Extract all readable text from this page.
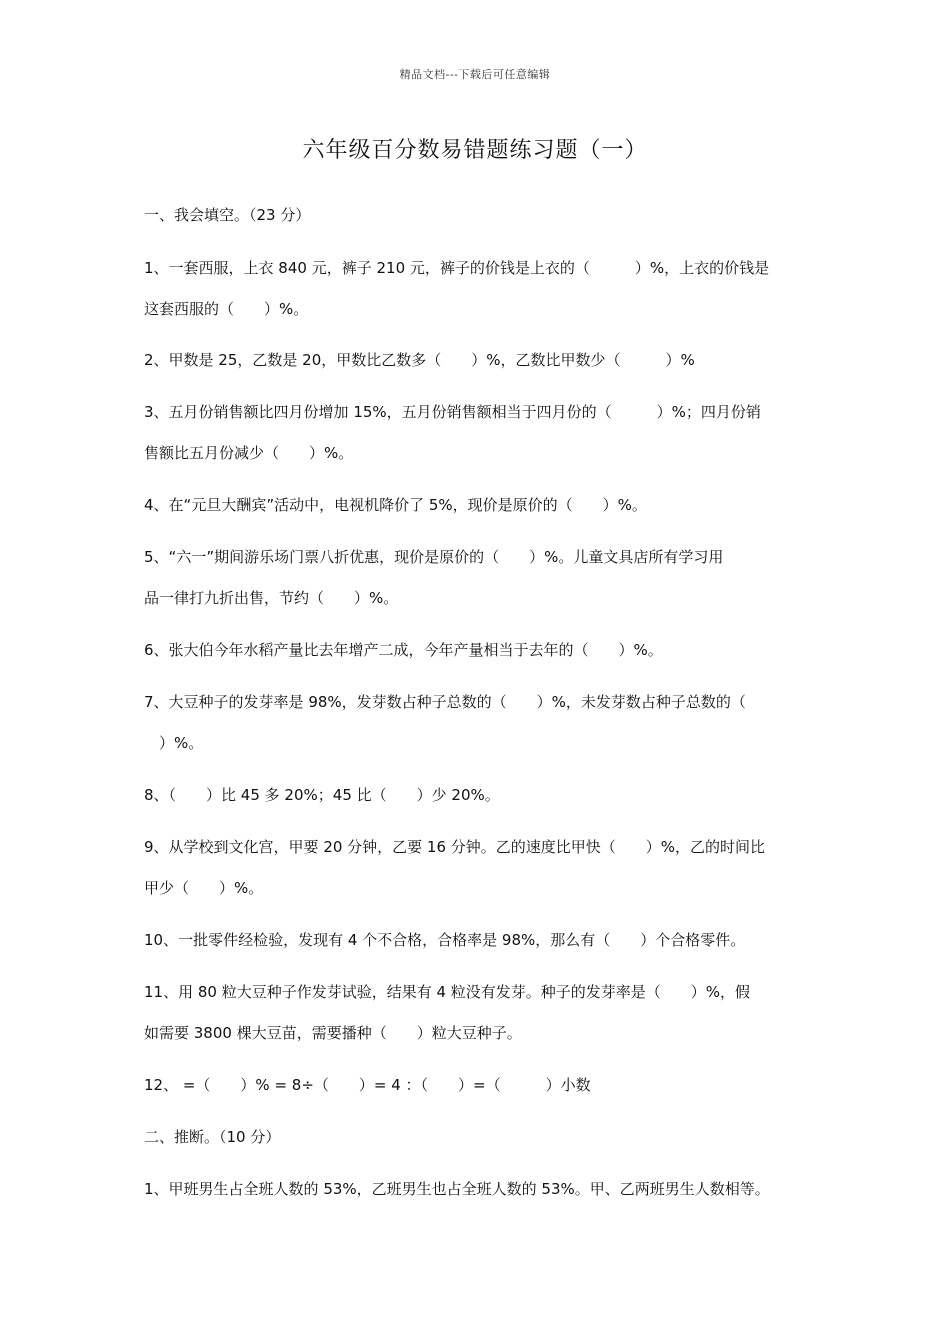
精品文档---下载后可任意编辑
六年级百分数易错题练习题（一）
一、我会填空。（23 分）
1、一套西服，上衣 840 元，裤子 210 元，裤子的价钱是上衣的（　　　）%，上衣的价钱是
这套西服的（　　）%。
2、甲数是 25，乙数是 20，甲数比乙数多（　　）%，乙数比甲数少（　　　）%
3、五月份销售额比四月份增加 15%，五月份销售额相当于四月份的（　　　）%；四月份销
售额比五月份减少（　　）%。
4、在“元旦大酬宾”活动中，电视机降价了 5%，现价是原价的（　　）%。
5、“六一”期间游乐场门票八折优惠，现价是原价的（　　）%。儿童文具店所有学习用
品一律打九折出售，节约（　　）%。
6、张大伯今年水稻产量比去年增产二成，今年产量相当于去年的（　　）%。
7、大豆种子的发芽率是 98%，发芽数占种子总数的（　　）%，未发芽数占种子总数的（
　）%。
8、（　　）比 45 多 20%；45 比（　　）少 20%。
9、从学校到文化宫，甲要 20 分钟，乙要 16 分钟。乙的速度比甲快（　　）%，乙的时间比
甲少（　　）%。
10、一批零件经检验，发现有 4 个不合格，合格率是 98%，那么有（　　）个合格零件。
11、用 80 粒大豆种子作发芽试验，结果有 4 粒没有发芽。种子的发芽率是（　　）%，假
如需要 3800 棵大豆苗，需要播种（　　）粒大豆种子。
12、 =（　　）% = 8÷（　　）= 4 ：（　　）=（　　　）小数
二、推断。（10 分）
1、甲班男生占全班人数的 53%，乙班男生也占全班人数的 53%。甲、乙两班男生人数相等。
